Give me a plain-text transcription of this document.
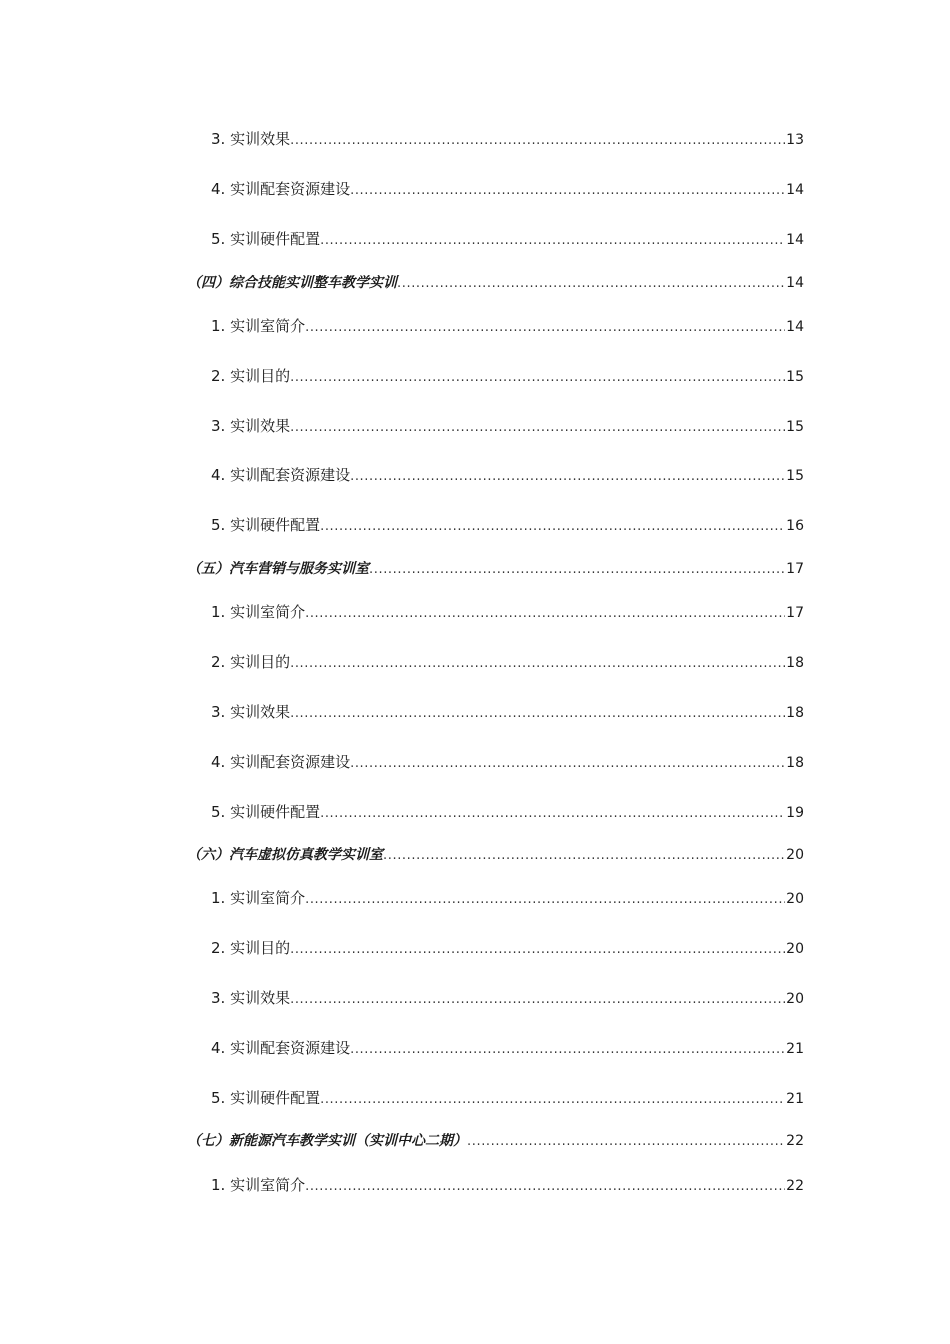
3. 实训效果 .....	13
4. 实训配套资源建设 .....	14
5. 实训硬件配置 .....	14
（四）综合技能实训整车教学实训 .....	14
1. 实训室简介 .....	14
2. 实训目的 .....	15
3. 实训效果 .....	15
4. 实训配套资源建设 .....	15
5. 实训硬件配置 .....	16
（五）汽车营销与服务实训室 .....	17
1. 实训室简介 .....	17
2. 实训目的 .....	18
3. 实训效果 .....	18
4. 实训配套资源建设 .....	18
5. 实训硬件配置 .....	19
（六）汽车虚拟仿真教学实训室 .....	20
1. 实训室简介 .....	20
2. 实训目的 .....	20
3. 实训效果 .....	20
4. 实训配套资源建设 .....	21
5. 实训硬件配置 .....	21
（七）新能源汽车教学实训（实训中心二期） .....	22
1. 实训室简介 .....	22
